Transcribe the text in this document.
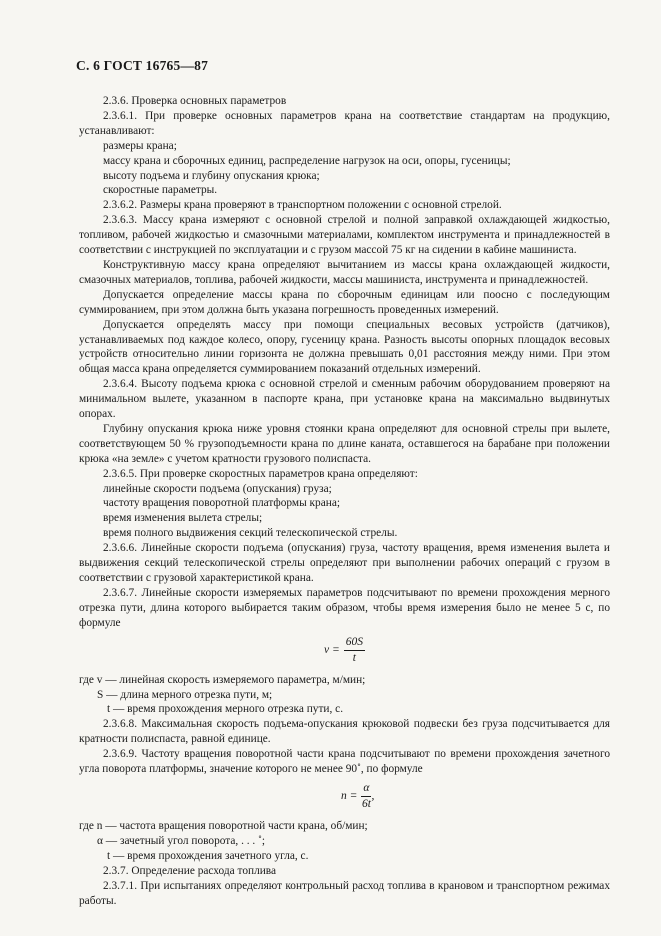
С. 6 ГОСТ 16765—87

2.3.6. Проверка основных параметров

2.3.6.1. При проверке основных параметров крана на соответствие стандартам на продукцию, устанавливают:

размеры крана;

массу крана и сборочных единиц, распределение нагрузок на оси, опоры, гусеницы;

высоту подъема и глубину опускания крюка;

скоростные параметры.

2.3.6.2. Размеры крана проверяют в транспортном положении с основной стрелой.

2.3.6.3. Массу крана измеряют с основной стрелой и полной заправкой охлаждающей жидкостью, топливом, рабочей жидкостью и смазочными материалами, комплектом инструмента и принадлежностей в соответствии с инструкцией по эксплуатации и с грузом массой 75 кг на сидении в кабине машиниста.

Конструктивную массу крана определяют вычитанием из массы крана охлаждающей жидкости, смазочных материалов, топлива, рабочей жидкости, массы машиниста, инструмента и принадлежностей.

Допускается определение массы крана по сборочным единицам или поосно с последующим суммированием, при этом должна быть указана погрешность проведенных измерений.

Допускается определять массу при помощи специальных весовых устройств (датчиков), устанавливаемых под каждое колесо, опору, гусеницу крана. Разность высоты опорных площадок весовых устройств относительно линии горизонта не должна превышать 0,01 расстояния между ними. При этом общая масса крана определяется суммированием показаний отдельных измерений.

2.3.6.4. Высоту подъема крюка с основной стрелой и сменным рабочим оборудованием проверяют на минимальном вылете, указанном в паспорте крана, при установке крана на максимально выдвинутых опорах.

Глубину опускания крюка ниже уровня стоянки крана определяют для основной стрелы при вылете, соответствующем 50 % грузоподъемности крана по длине каната, оставшегося на барабане при положении крюка «на земле» с учетом кратности грузового полиспаста.

2.3.6.5. При проверке скоростных параметров крана определяют:

линейные скорости подъема (опускания) груза;

частоту вращения поворотной платформы крана;

время изменения вылета стрелы;

время полного выдвижения секций телескопической стрелы.

2.3.6.6. Линейные скорости подъема (опускания) груза, частоту вращения, время изменения вылета и выдвижения секций телескопической стрелы определяют при выполнении рабочих операций с грузом в соответствии с грузовой характеристикой крана.

2.3.6.7. Линейные скорости измеряемых параметров подсчитывают по времени прохождения мерного отрезка пути, длина которого выбирается таким образом, чтобы время измерения было не менее 5 с, по формуле

$v = \frac{60S}{t}$

где v — линейная скорость измеряемого параметра, м/мин;

S — длина мерного отрезка пути, м;

t — время прохождения мерного отрезка пути, с.

2.3.6.8. Максимальная скорость подъема-опускания крюковой подвески без груза подсчитывается для кратности полиспаста, равной единице.

2.3.6.9. Частоту вращения поворотной части крана подсчитывают по времени прохождения зачетного угла поворота платформы, значение которого не менее 90˚, по формуле

$n = \frac{\alpha}{6t}$ ,

где n — частота вращения поворотной части крана, об/мин;

α — зачетный угол поворота, . . . ˚;

t — время прохождения зачетного угла, с.

2.3.7. Определение расхода топлива

2.3.7.1. При испытаниях определяют контрольный расход топлива в крановом и транспортном режимах работы.
